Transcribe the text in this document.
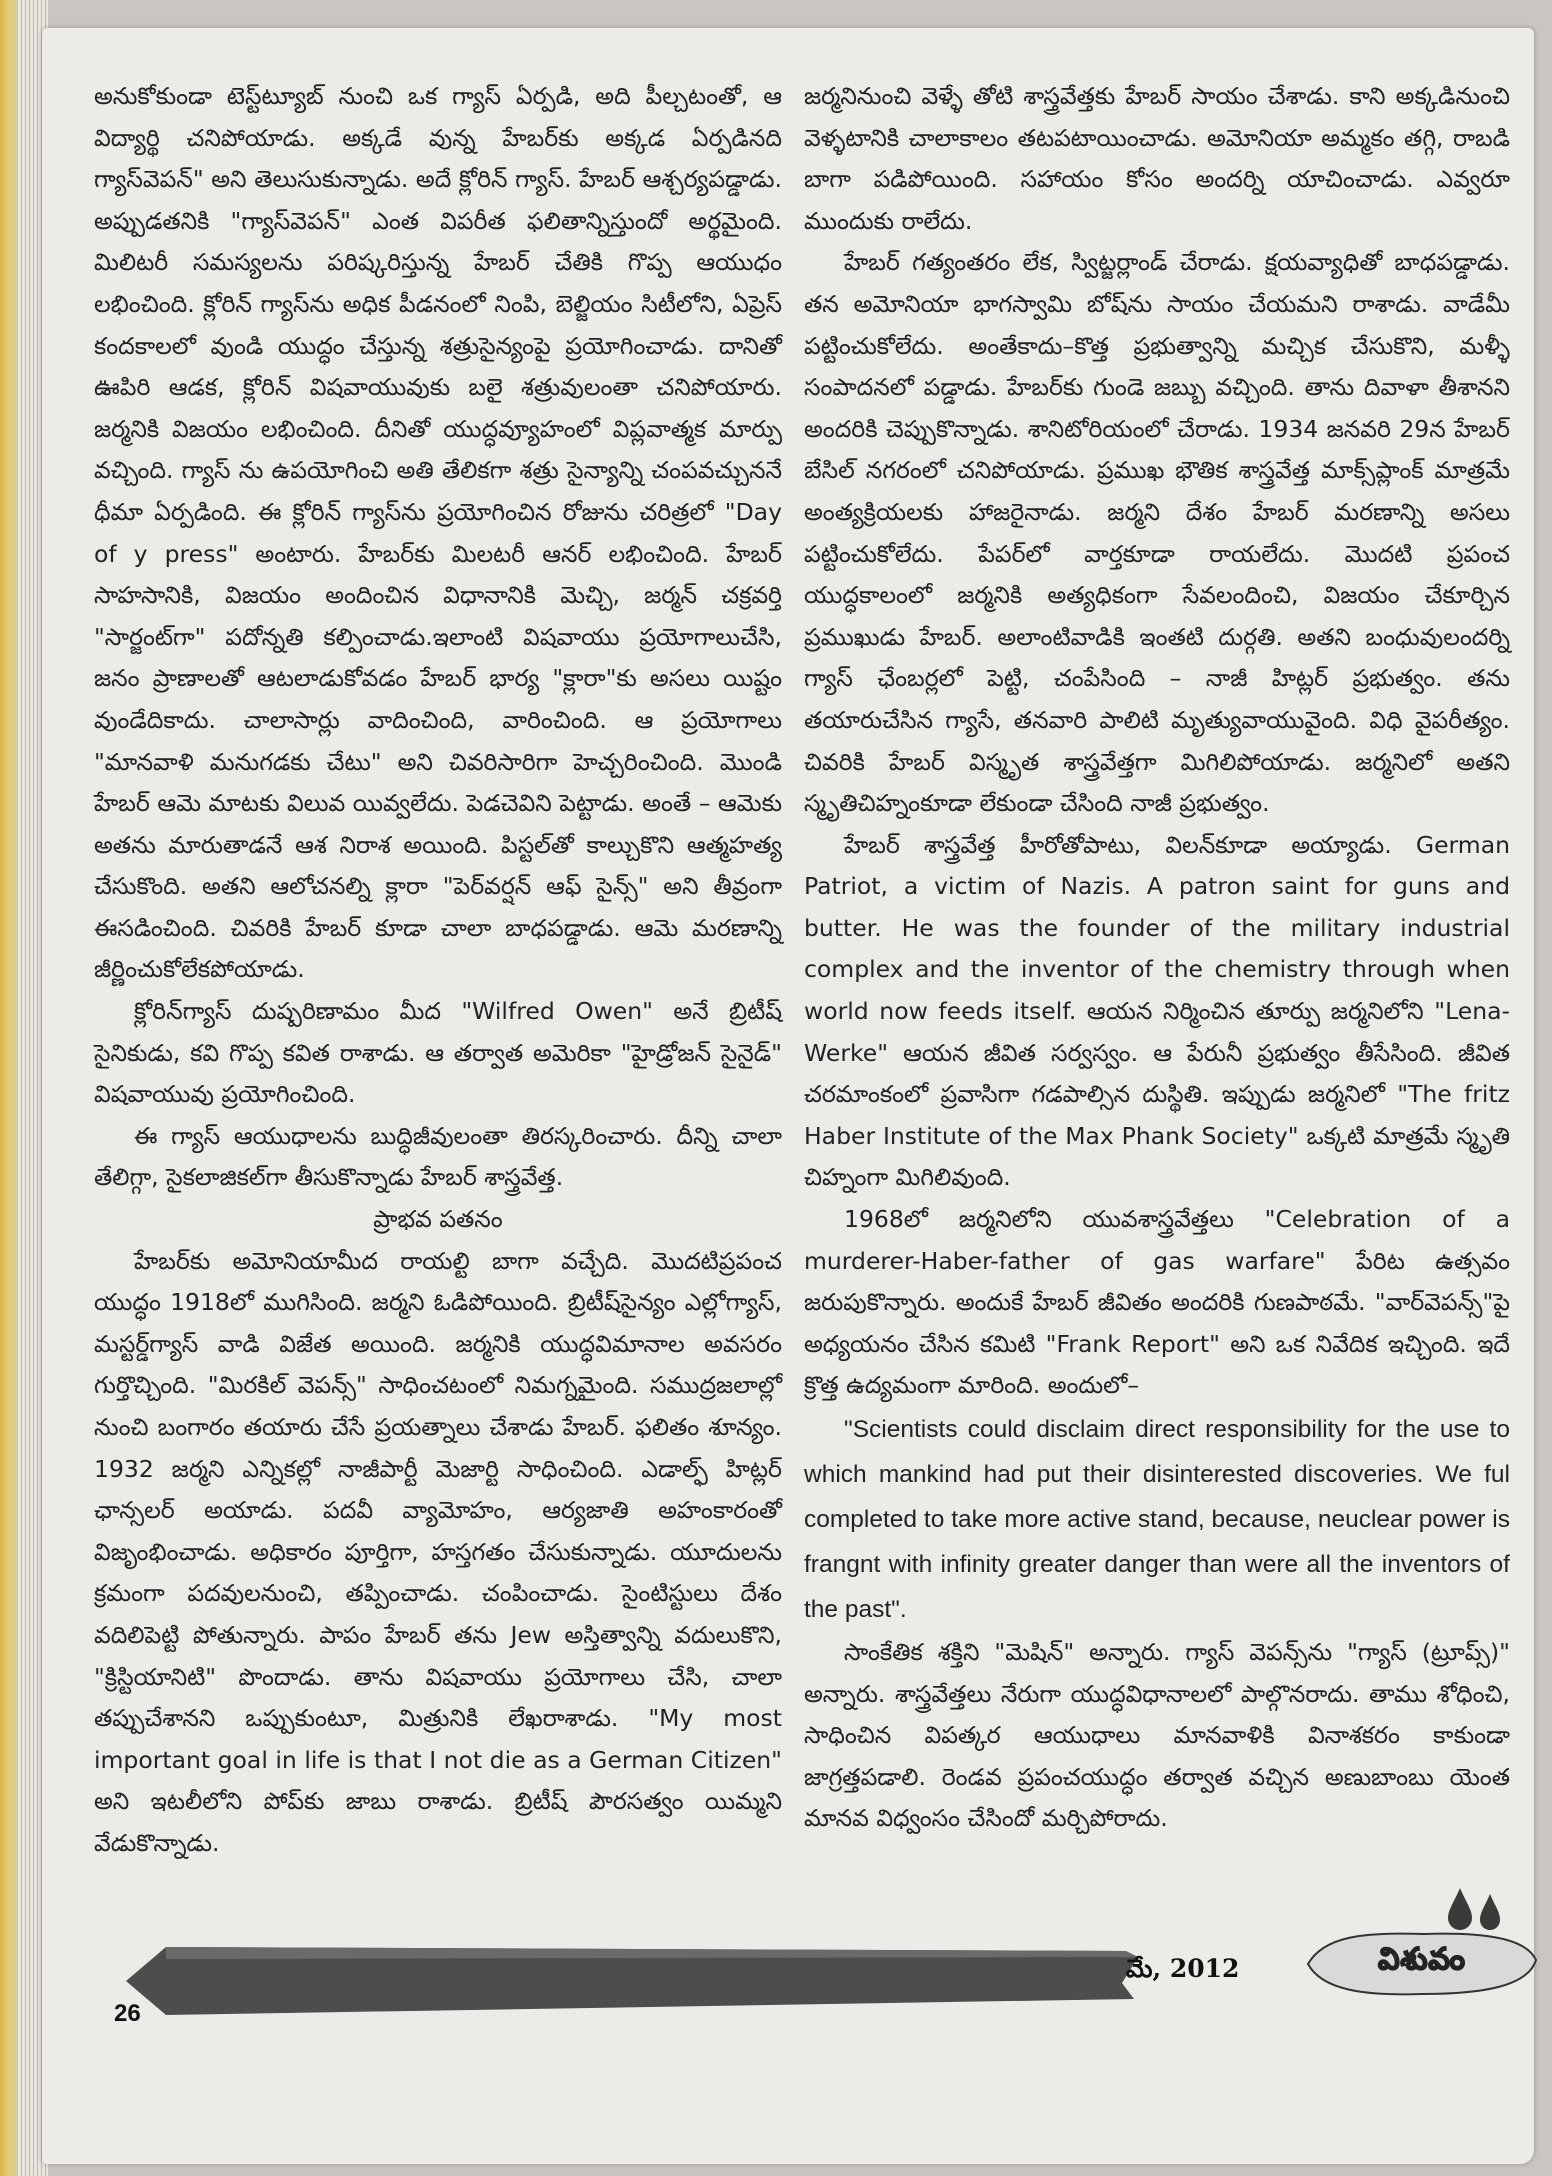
అనుకోకుండా టెస్ట్‌ట్యూబ్ నుంచి ఒక గ్యాస్ ఏర్పడి, అది పీల్చటంతో, ఆ విద్యార్థి చనిపోయాడు. అక్కడే వున్న హేబర్‌కు అక్కడ ఏర్పడినది గ్యాస్‌వెపన్" అని తెలుసుకున్నాడు. అదే క్లోరిన్ గ్యాస్. హేబర్ ఆశ్చర్యపడ్డాడు. అప్పుడతనికి "గ్యాస్‌వెపన్" ఎంత విపరీత ఫలితాన్నిస్తుందో అర్థమైంది. మిలిటరీ సమస్యలను పరిష్కరిస్తున్న హేబర్ చేతికి గొప్ప ఆయుధం లభించింది. క్లోరిన్ గ్యాస్‌ను అధిక పీడనంలో నింపి, బెల్జియం సిటీలోని, ఏప్రెస్ కందకాలలో వుండి యుద్ధం చేస్తున్న శత్రుసైన్యంపై ప్రయోగించాడు. దానితో ఊపిరి ఆడక, క్లోరిన్ విషవాయువుకు బలై శత్రువులంతా చనిపోయారు. జర్మనికి విజయం లభించింది. దీనితో యుద్ధవ్యూహంలో విప్లవాత్మక మార్పు వచ్చింది. గ్యాస్ ను ఉపయోగించి అతి తేలికగా శత్రు సైన్యాన్ని చంపవచ్చుననే ధీమా ఏర్పడింది. ఈ క్లోరిన్ గ్యాస్‌ను ప్రయోగించిన రోజును చరిత్రలో "Day of y press" అంటారు. హేబర్‌కు మిలటరీ ఆనర్ లభించింది. హేబర్ సాహసానికి, విజయం అందించిన విధానానికి మెచ్చి, జర్మన్ చక్రవర్తి "సార్జంట్‌గా" పదోన్నతి కల్పించాడు.ఇలాంటి విషవాయు ప్రయోగాలుచేసి, జనం ప్రాణాలతో ఆటలాడుకోవడం హేబర్ భార్య "క్లారా"కు అసలు యిష్టం వుండేదికాదు. చాలాసార్లు వాదించింది, వారించింది. ఆ ప్రయోగాలు "మానవాళి మనుగడకు చేటు" అని చివరిసారిగా హెచ్చరించింది. మొండి హేబర్ ఆమె మాటకు విలువ యివ్వలేదు. పెడచెవిని పెట్టాడు. అంతే – ఆమెకు అతను మారుతాడనే ఆశ నిరాశ అయింది. పిస్టల్‌తో కాల్చుకొని ఆత్మహత్య చేసుకొంది. అతని ఆలోచనల్ని క్లారా "పెర్‌వర్షన్ ఆఫ్ సైన్స్" అని తీవ్రంగా ఈసడించింది. చివరికి హేబర్ కూడా చాలా బాధపడ్డాడు. ఆమె మరణాన్ని జీర్ణించుకోలేకపోయాడు.

క్లోరిన్‌గ్యాస్ దుష్పరిణామం మీద "Wilfred Owen" అనే బ్రిటీష్ సైనికుడు, కవి గొప్ప కవిత రాశాడు. ఆ తర్వాత అమెరికా "హైడ్రోజన్ సైనైడ్" విషవాయువు ప్రయోగించింది.

ఈ గ్యాస్ ఆయుధాలను బుద్ధిజీవులంతా తిరస్కరించారు. దీన్ని చాలా తేలిగ్గా, సైకలాజికల్‌గా తీసుకొన్నాడు హేబర్ శాస్త్రవేత్త.

ప్రాభవ పతనం

హేబర్‌కు అమోనియామీద రాయల్టి బాగా వచ్చేది. మొదటిప్రపంచ యుద్ధం 1918లో ముగిసింది. జర్మని ఓడిపోయింది. బ్రిటీష్‌సైన్యం ఎల్లోగ్యాస్, మస్టర్డ్‌గ్యాస్ వాడి విజేత అయింది. జర్మనికి యుద్ధవిమానాల అవసరం గుర్తొచ్చింది. "మిరకిల్ వెపన్స్" సాధించటంలో నిమగ్నమైంది. సముద్రజలాల్లో నుంచి బంగారం తయారు చేసే ప్రయత్నాలు చేశాడు హేబర్. ఫలితం శూన్యం. 1932 జర్మని ఎన్నికల్లో నాజీపార్టీ మెజార్టి సాధించింది. ఎడాల్ఫ్ హిట్లర్ ఛాన్సలర్ అయాడు. పదవీ వ్యామోహం, ఆర్యజాతి అహంకారంతో విజృంభించాడు. అధికారం పూర్తిగా, హస్తగతం చేసుకున్నాడు. యూదులను క్రమంగా పదవులనుంచి, తప్పించాడు. చంపించాడు. సైంటిస్టులు దేశం వదిలిపెట్టి పోతున్నారు. పాపం హేబర్ తను Jew అస్తిత్వాన్ని వదులుకొని, "క్రిస్టియానిటి" పొందాడు. తాను విషవాయు ప్రయోగాలు చేసి, చాలా తప్పుచేశానని ఒప్పుకుంటూ, మిత్రునికి లేఖరాశాడు. "My most important goal in life is that I not die as a German Citizen" అని ఇటలీలోని పోప్‌కు జాబు రాశాడు. బ్రిటీష్ పౌరసత్వం యిమ్మని వేడుకొన్నాడు.

జర్మనినుంచి వెళ్ళే తోటి శాస్త్రవేత్తకు హేబర్ సాయం చేశాడు. కాని అక్కడినుంచి వెళ్ళటానికి చాలాకాలం తటపటాయించాడు. అమోనియా అమ్మకం తగ్గి, రాబడి బాగా పడిపోయింది. సహాయం కోసం అందర్ని యాచించాడు. ఎవ్వరూ ముందుకు రాలేదు.

హేబర్ గత్యంతరం లేక, స్విట్జర్లాండ్ చేరాడు. క్షయవ్యాధితో బాధపడ్డాడు. తన అమోనియా భాగస్వామి బోష్‌ను సాయం చేయమని రాశాడు. వాడేమీ పట్టించుకోలేదు. అంతేకాదు–కొత్త ప్రభుత్వాన్ని మచ్చిక చేసుకొని, మళ్ళీ సంపాదనలో పడ్డాడు. హేబర్‌కు గుండె జబ్బు వచ్చింది. తాను దివాళా తీశానని అందరికి చెప్పుకొన్నాడు. శానిటోరియంలో చేరాడు. 1934 జనవరి 29న హేబర్ బేసిల్ నగరంలో చనిపోయాడు. ప్రముఖ భౌతిక శాస్త్రవేత్త మాక్స్‌ప్లాంక్ మాత్రమే అంత్యక్రియలకు హాజరైనాడు. జర్మని దేశం హేబర్ మరణాన్ని అసలు పట్టించుకోలేదు. పేపర్‌లో వార్తకూడా రాయలేదు. మొదటి ప్రపంచ యుద్ధకాలంలో జర్మనికి అత్యధికంగా సేవలందించి, విజయం చేకూర్చిన ప్రముఖుడు హేబర్. అలాంటివాడికి ఇంతటి దుర్గతి. అతని బంధువులందర్ని గ్యాస్ ఛేంబర్లలో పెట్టి, చంపేసింది – నాజీ హిట్లర్ ప్రభుత్వం. తను తయారుచేసిన గ్యాసే, తనవారి పాలిటి మృత్యువాయువైంది. విధి వైపరీత్యం. చివరికి హేబర్ విస్మృత శాస్త్రవేత్తగా మిగిలిపోయాడు. జర్మనిలో అతని స్మృతిచిహ్నంకూడా లేకుండా చేసింది నాజీ ప్రభుత్వం.

హేబర్ శాస్త్రవేత్త హీరోతోపాటు, విలన్‌కూడా అయ్యాడు. German Patriot, a victim of Nazis. A patron saint for guns and butter. He was the founder of the military industrial complex and the inventor of the chemistry through when world now feeds itself. ఆయన నిర్మించిన తూర్పు జర్మనిలోని "Lena-Werke" ఆయన జీవిత సర్వస్వం. ఆ పేరునీ ప్రభుత్వం తీసేసింది. జీవిత చరమాంకంలో ప్రవాసిగా గడపాల్సిన దుస్థితి. ఇప్పుడు జర్మనిలో "The fritz Haber Institute of the Max Phank Society" ఒక్కటి మాత్రమే స్మృతి చిహ్నంగా మిగిలివుంది.

1968లో జర్మనిలోని యువశాస్త్రవేత్తలు "Celebration of a murderer-Haber-father of gas warfare" పేరిట ఉత్సవం జరుపుకొన్నారు. అందుకే హేబర్ జీవితం అందరికి గుణపాఠమే. "వార్‌వెపన్స్"పై అధ్యయనం చేసిన కమిటి "Frank Report" అని ఒక నివేదిక ఇచ్చింది. ఇదే క్రొత్త ఉద్యమంగా మారింది. అందులో–

"Scientists could disclaim direct responsibility for the use to which mankind had put their disinterested discoveries. We ful completed to take more active stand, because, neuclear power is frangnt with infinity greater danger than were all the inventors of the past".

సాంకేతిక శక్తిని "మెషిన్" అన్నారు. గ్యాస్ వెపన్స్‌ను "గ్యాస్ (ట్రూప్స్)" అన్నారు. శాస్త్రవేత్తలు నేరుగా యుద్ధవిధానాలలో పాల్గొనరాదు. తాము శోధించి, సాధించిన విపత్కర ఆయుధాలు మానవాళికి వినాశకరం కాకుండా జాగ్రత్తపడాలి. రెండవ ప్రపంచయుద్ధం తర్వాత వచ్చిన అణుబాంబు యెంత మానవ విధ్వంసం చేసిందో మర్చిపోరాదు.

26
మే, 2012	విశువం
